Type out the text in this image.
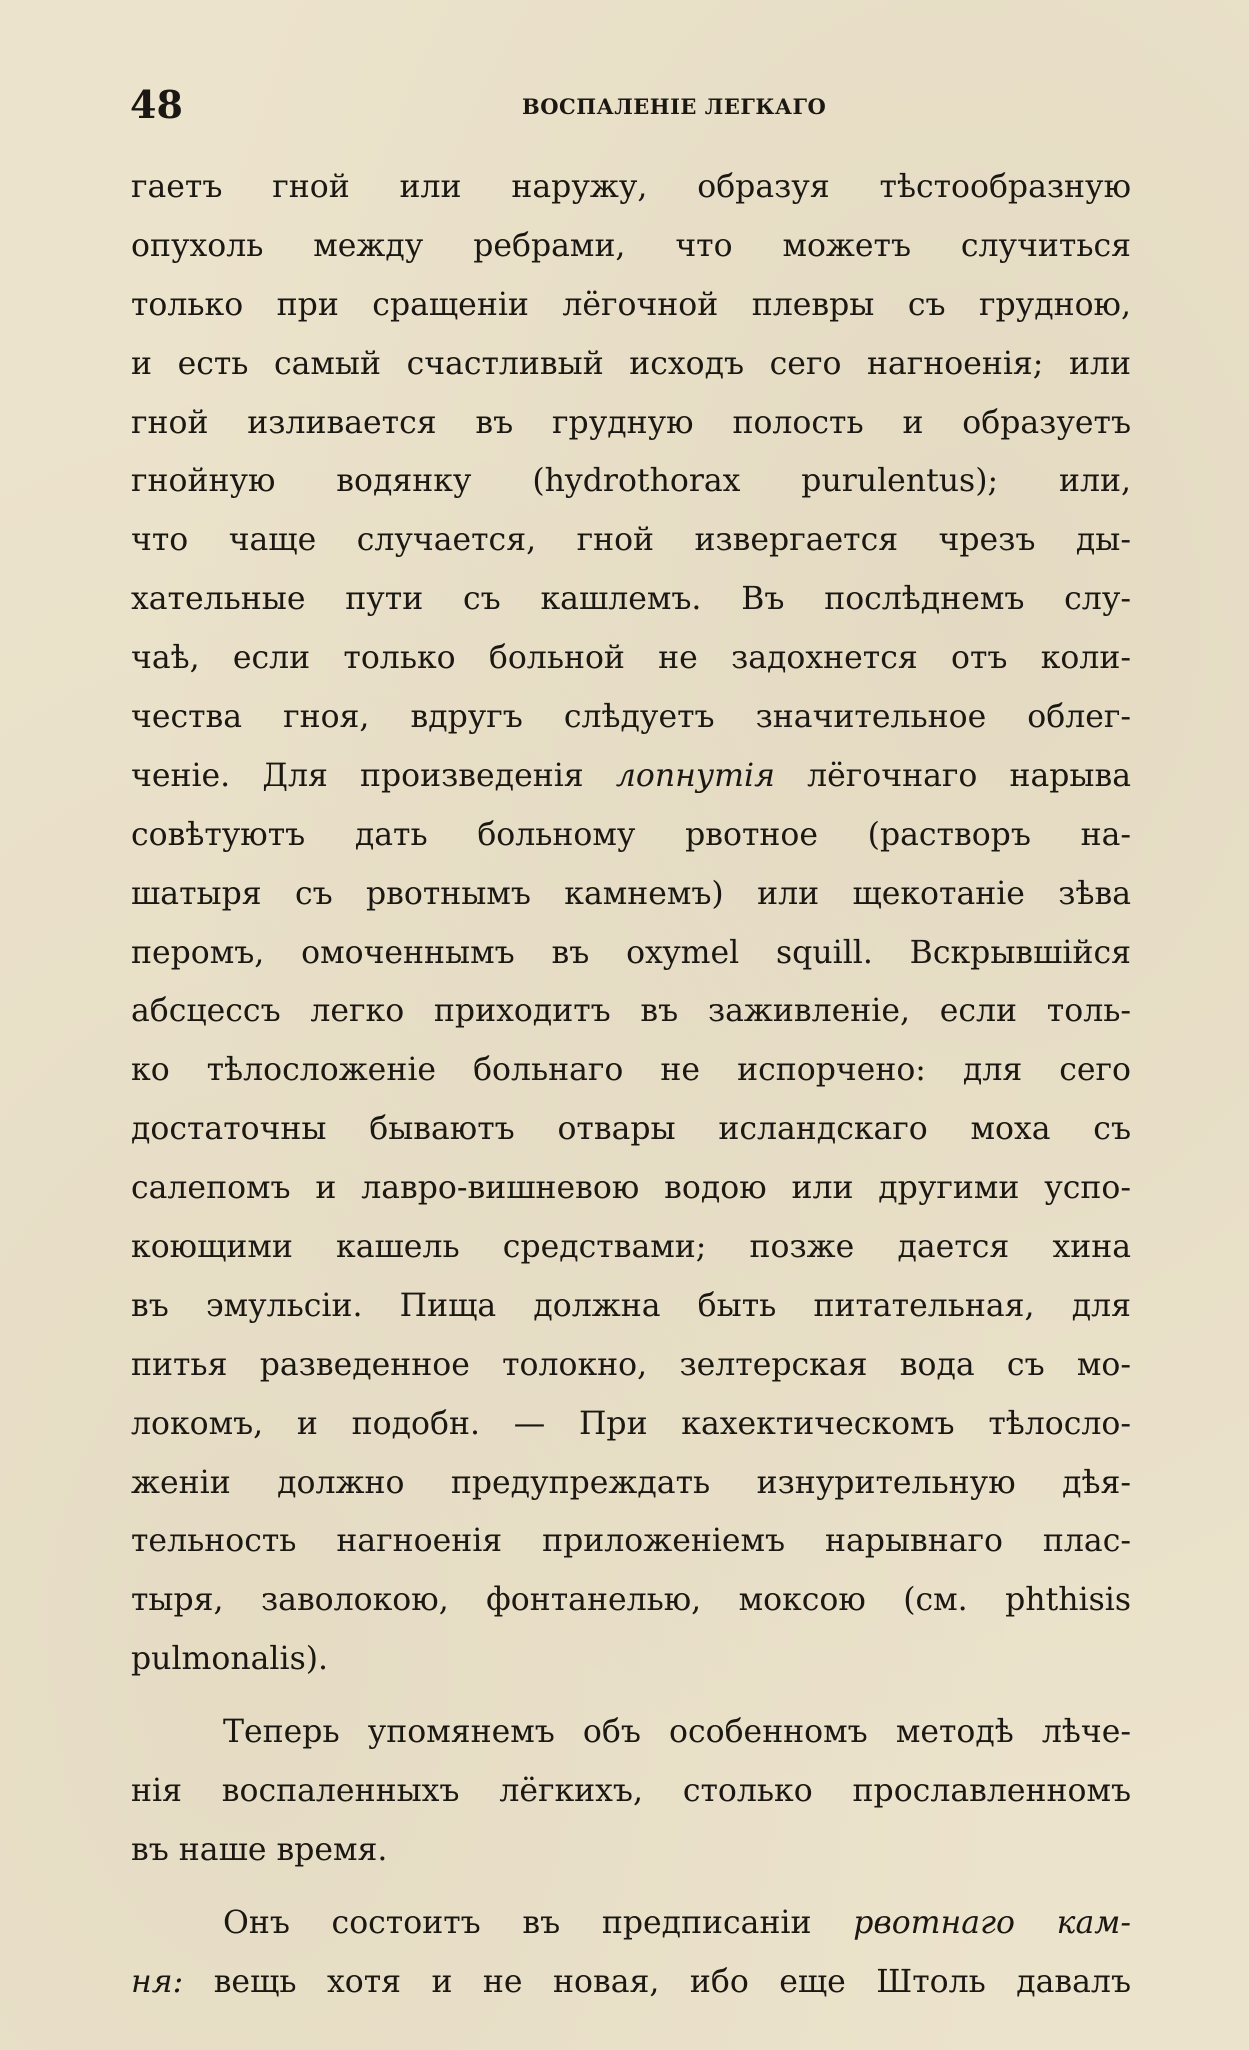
48	ВОСПАЛЕНІЕ ЛЕГКАГО
гаетъ гной или наружу, образуя тѣстообразную
опухоль между ребрами, что можетъ случиться
только при сращеніи лёгочной плевры съ грудною,
и есть самый счастливый исходъ сего нагноенія; или
гной изливается въ грудную полость и образуетъ
гнойную водянку (hydrothorax purulentus); или,
что чаще случается, гной извергается чрезъ ды-
хательные пути съ кашлемъ. Въ послѣднемъ слу-
чаѣ, если только больной не задохнется отъ коли-
чества гноя, вдругъ слѣдуетъ значительное облег-
ченіе. Для произведенія лопнутія лёгочнаго нарыва
совѣтуютъ дать больному рвотное (растворъ на-
шатыря съ рвотнымъ камнемъ) или щекотаніе зѣва
перомъ, омоченнымъ въ oxymel squill. Вскрывшійся
абсцессъ легко приходитъ въ заживленіе, если толь-
ко тѣлосложеніе больнаго не испорчено: для сего
достаточны бываютъ отвары исландскаго моха съ
салепомъ и лавро-вишневою водою или другими успо-
коющими кашель средствами; позже дается хина
въ эмульсіи. Пища должна быть питательная, для
питья разведенное толокно, зелтерская вода съ мо-
локомъ, и подобн. — При кахектическомъ тѣлосло-
женіи должно предупреждать изнурительную дѣя-
тельность нагноенія приложеніемъ нарывнаго плас-
тыря, заволокою, фонтанелью, моксою (см. phthisis
pulmonalis).
Теперь упомянемъ объ особенномъ методѣ лѣче-
нія воспаленныхъ лёгкихъ, столько прославленномъ
въ наше время.
Онъ состоитъ въ предписаніи рвотнаго кам-
ня: вещь хотя и не новая, ибо еще Штоль давалъ
